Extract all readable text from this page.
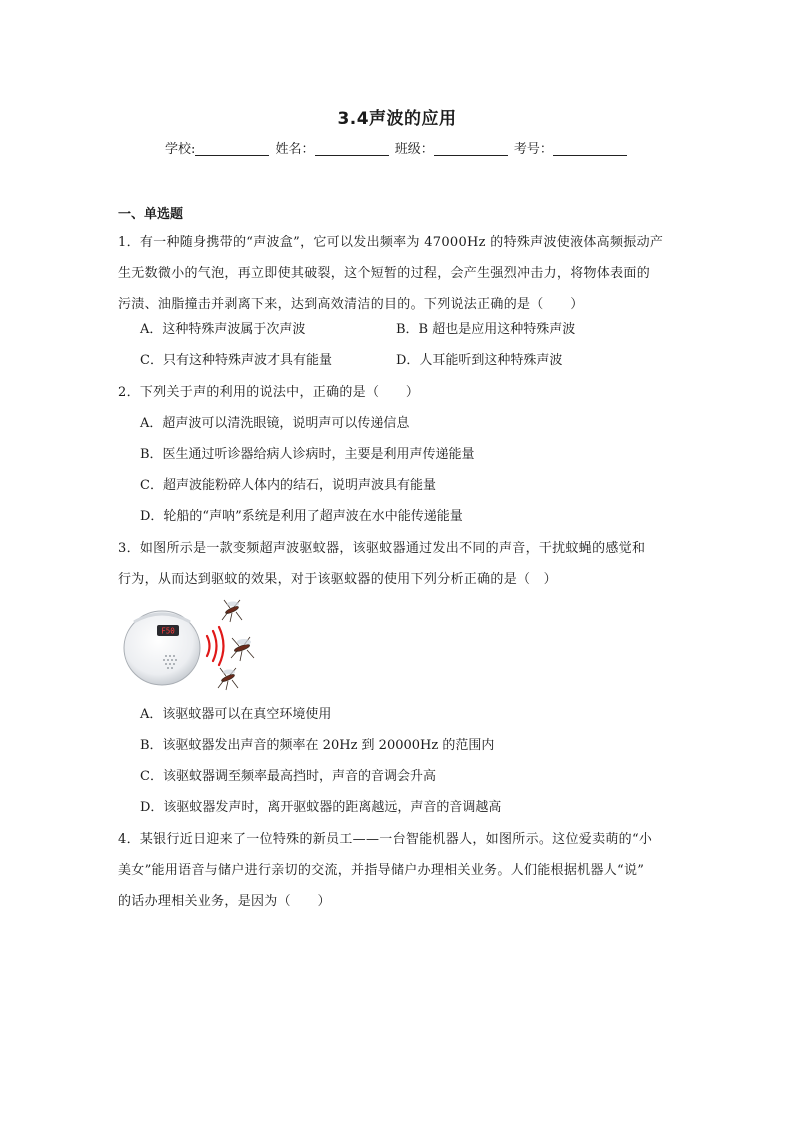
3.4声波的应用
学校:	姓名：	班级：	考号：
一、单选题
1．有一种随身携带的“声波盒”，它可以发出频率为 47000Hz 的特殊声波使液体高频振动产
生无数微小的气泡，再立即使其破裂，这个短暂的过程，会产生强烈冲击力，将物体表面的
污渍、油脂撞击并剥离下来，达到高效清洁的目的。下列说法正确的是（　　）
A．这种特殊声波属于次声波	B．B 超也是应用这种特殊声波
C．只有这种特殊声波才具有能量	D．人耳能听到这种特殊声波
2．下列关于声的利用的说法中，正确的是（　　）
A．超声波可以清洗眼镜，说明声可以传递信息
B．医生通过听诊器给病人诊病时，主要是利用声传递能量
C．超声波能粉碎人体内的结石，说明声波具有能量
D．轮船的“声呐”系统是利用了超声波在水中能传递能量
3．如图所示是一款变频超声波驱蚊器，该驱蚊器通过发出不同的声音，干扰蚊蝇的感觉和
行为，从而达到驱蚊的效果，对于该驱蚊器的使用下列分析正确的是（　）
F50
A．该驱蚊器可以在真空环境使用
B．该驱蚊器发出声音的频率在 20Hz 到 20000Hz 的范围内
C．该驱蚊器调至频率最高挡时，声音的音调会升高
D．该驱蚊器发声时，离开驱蚊器的距离越远，声音的音调越高
4．某银行近日迎来了一位特殊的新员工——一台智能机器人，如图所示。这位爱卖萌的“小
美女”能用语音与储户进行亲切的交流，并指导储户办理相关业务。人们能根据机器人“说”
的话办理相关业务，是因为（　　）
